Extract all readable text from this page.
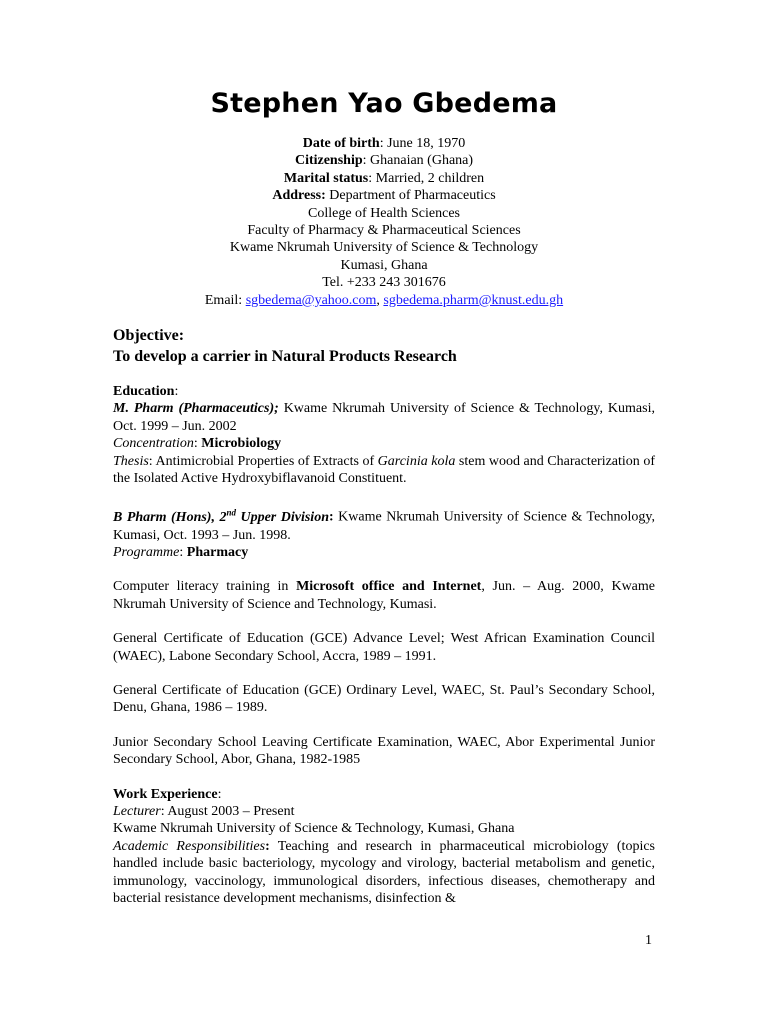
Stephen Yao Gbedema
Date of birth: June 18, 1970
Citizenship: Ghanaian (Ghana)
Marital status: Married, 2 children
Address: Department of Pharmaceutics
College of Health Sciences
Faculty of Pharmacy & Pharmaceutical Sciences
Kwame Nkrumah University of Science & Technology
Kumasi, Ghana
Tel. +233 243 301676
Email: sgbedema@yahoo.com, sgbedema.pharm@knust.edu.gh
Objective:
To develop a carrier in Natural Products Research

Education:

M. Pharm (Pharmaceutics); Kwame Nkrumah University of Science & Technology, Kumasi, Oct. 1999 – Jun. 2002

Concentration: Microbiology

Thesis: Antimicrobial Properties of Extracts of Garcinia kola stem wood and Characterization of the Isolated Active Hydroxybiflavanoid Constituent.

B Pharm (Hons), 2nd Upper Division: Kwame Nkrumah University of Science & Technology, Kumasi, Oct. 1993 – Jun. 1998.

Programme: Pharmacy

Computer literacy training in Microsoft office and Internet, Jun. – Aug. 2000, Kwame Nkrumah University of Science and Technology, Kumasi.

General Certificate of Education (GCE) Advance Level; West African Examination Council (WAEC), Labone Secondary School, Accra, 1989 – 1991.

General Certificate of Education (GCE) Ordinary Level, WAEC, St. Paul’s Secondary School, Denu, Ghana, 1986 – 1989.

Junior Secondary School Leaving Certificate Examination, WAEC, Abor Experimental Junior Secondary School, Abor, Ghana, 1982-1985

Work Experience:

Lecturer: August 2003 – Present

Kwame Nkrumah University of Science & Technology, Kumasi, Ghana

Academic Responsibilities: Teaching and research in pharmaceutical microbiology (topics handled include basic bacteriology, mycology and virology, bacterial metabolism and genetic, immunology, vaccinology, immunological disorders, infectious diseases, chemotherapy and bacterial resistance development mechanisms, disinfection &

1
